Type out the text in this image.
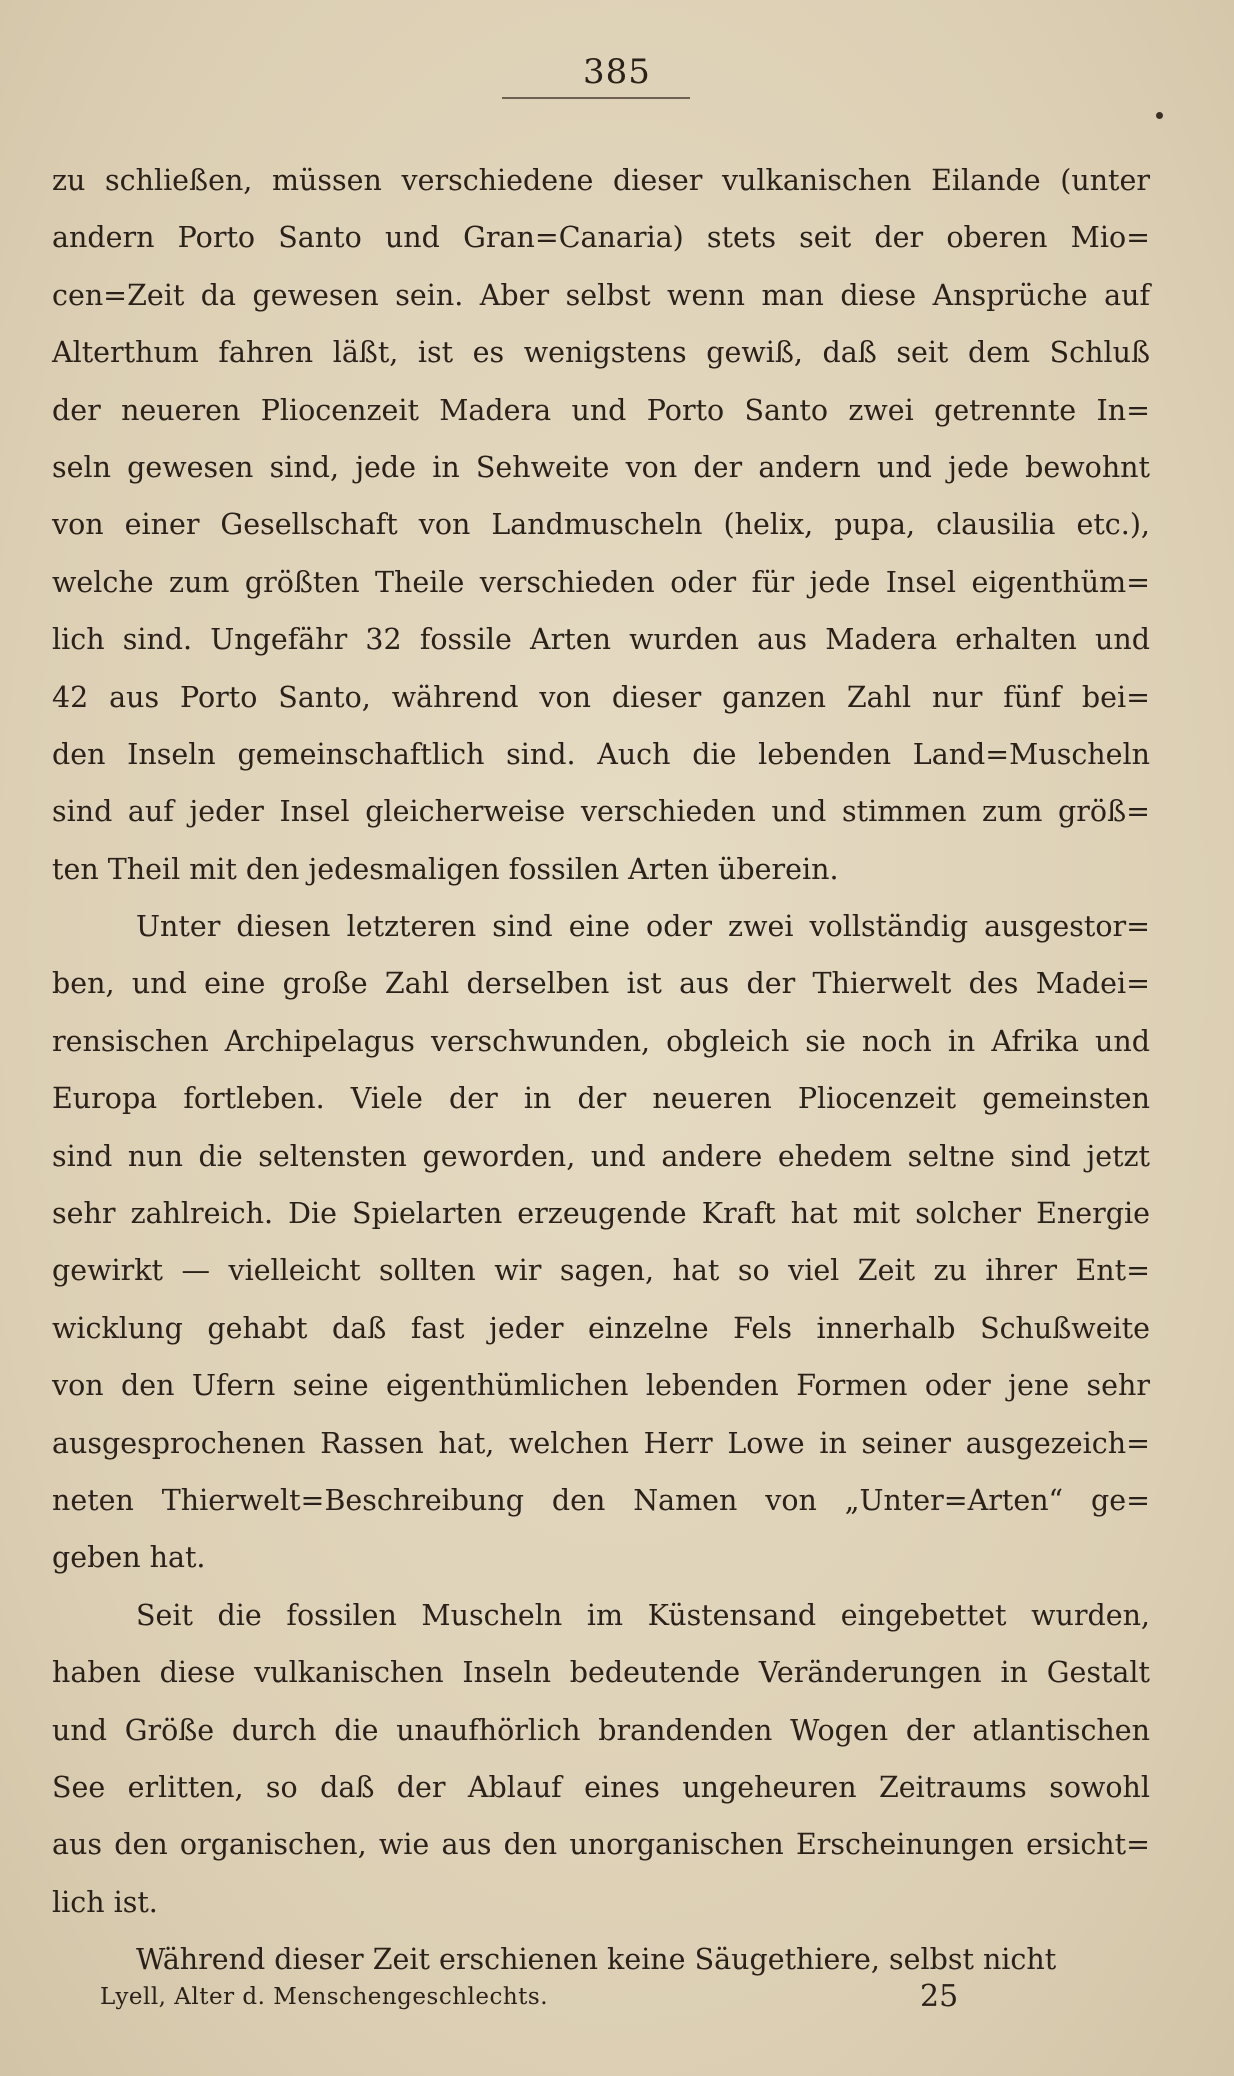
385
zu schließen, müssen verschiedene dieser vulkanischen Eilande (unter
andern Porto Santo und Gran=Canaria) stets seit der oberen Mio=
cen=Zeit da gewesen sein. Aber selbst wenn man diese Ansprüche auf
Alterthum fahren läßt, ist es wenigstens gewiß, daß seit dem Schluß
der neueren Pliocenzeit Madera und Porto Santo zwei getrennte In=
seln gewesen sind, jede in Sehweite von der andern und jede bewohnt
von einer Gesellschaft von Landmuscheln (helix, pupa, clausilia etc.),
welche zum größten Theile verschieden oder für jede Insel eigenthüm=
lich sind. Ungefähr 32 fossile Arten wurden aus Madera erhalten und
42 aus Porto Santo, während von dieser ganzen Zahl nur fünf bei=
den Inseln gemeinschaftlich sind. Auch die lebenden Land=Muscheln
sind auf jeder Insel gleicherweise verschieden und stimmen zum größ=
ten Theil mit den jedesmaligen fossilen Arten überein.
Unter diesen letzteren sind eine oder zwei vollständig ausgestor=
ben, und eine große Zahl derselben ist aus der Thierwelt des Madei=
rensischen Archipelagus verschwunden, obgleich sie noch in Afrika und
Europa fortleben. Viele der in der neueren Pliocenzeit gemeinsten
sind nun die seltensten geworden, und andere ehedem seltne sind jetzt
sehr zahlreich. Die Spielarten erzeugende Kraft hat mit solcher Energie
gewirkt — vielleicht sollten wir sagen, hat so viel Zeit zu ihrer Ent=
wicklung gehabt daß fast jeder einzelne Fels innerhalb Schußweite
von den Ufern seine eigenthümlichen lebenden Formen oder jene sehr
ausgesprochenen Rassen hat, welchen Herr Lowe in seiner ausgezeich=
neten Thierwelt=Beschreibung den Namen von „Unter=Arten“ ge=
geben hat.
Seit die fossilen Muscheln im Küstensand eingebettet wurden,
haben diese vulkanischen Inseln bedeutende Veränderungen in Gestalt
und Größe durch die unaufhörlich brandenden Wogen der atlantischen
See erlitten, so daß der Ablauf eines ungeheuren Zeitraums sowohl
aus den organischen, wie aus den unorganischen Erscheinungen ersicht=
lich ist.
Während dieser Zeit erschienen keine Säugethiere, selbst nicht
Lyell, Alter d. Menschengeschlechts.	25
